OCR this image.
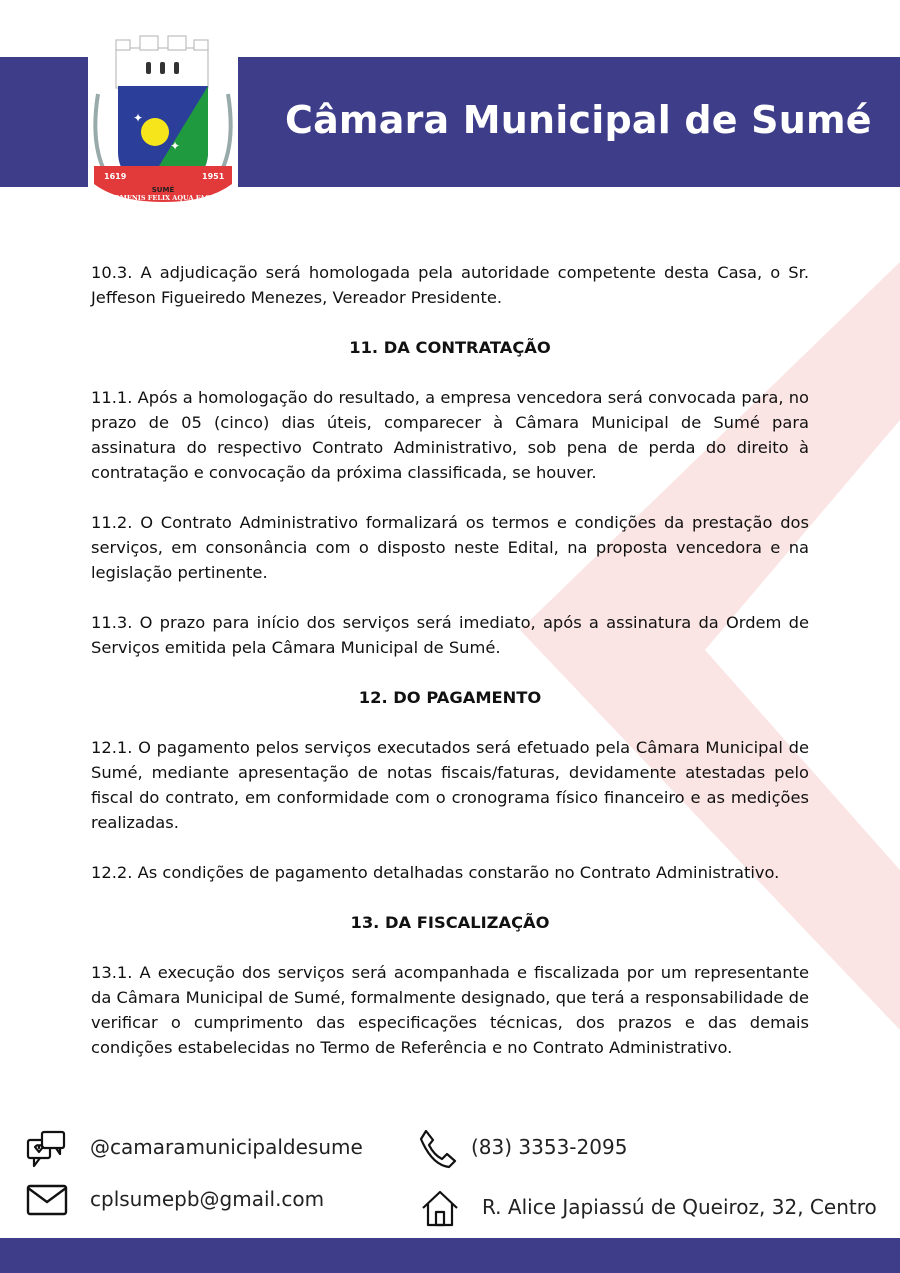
Câmara Municipal de Sumé
✦
✦
1619	1951
SUMÉ
HOMENIS FELIX AQUA FACIT

10.3. A adjudicação será homologada pela autoridade competente desta Casa, o Sr. Jeffeson Figueiredo Menezes, Vereador Presidente.

11. DA CONTRATAÇÃO

11.1. Após a homologação do resultado, a empresa vencedora será convocada para, no prazo de 05 (cinco) dias úteis, comparecer à Câmara Municipal de Sumé para assinatura do respectivo Contrato Administrativo, sob pena de perda do direito à contratação e convocação da próxima classificada, se houver.

11.2. O Contrato Administrativo formalizará os termos e condições da prestação dos serviços, em consonância com o disposto neste Edital, na proposta vencedora e na legislação pertinente.

11.3. O prazo para início dos serviços será imediato, após a assinatura da Ordem de Serviços emitida pela Câmara Municipal de Sumé.

12. DO PAGAMENTO

12.1. O pagamento pelos serviços executados será efetuado pela Câmara Municipal de Sumé, mediante apresentação de notas fiscais/faturas, devidamente atestadas pelo fiscal do contrato, em conformidade com o cronograma físico financeiro e as medições realizadas.

12.2. As condições de pagamento detalhadas constarão no Contrato Administrativo.

13. DA FISCALIZAÇÃO

13.1. A execução dos serviços será acompanhada e fiscalizada por um representante da Câmara Municipal de Sumé, formalmente designado, que terá a responsabilidade de verificar o cumprimento das especificações técnicas, dos prazos e das demais condições estabelecidas no Termo de Referência e no Contrato Administrativo.

@camaramunicipaldesume	(83) 3353-2095
cplsumepb@gmail.com	R. Alice Japiassú de Queiroz, 32, Centro
